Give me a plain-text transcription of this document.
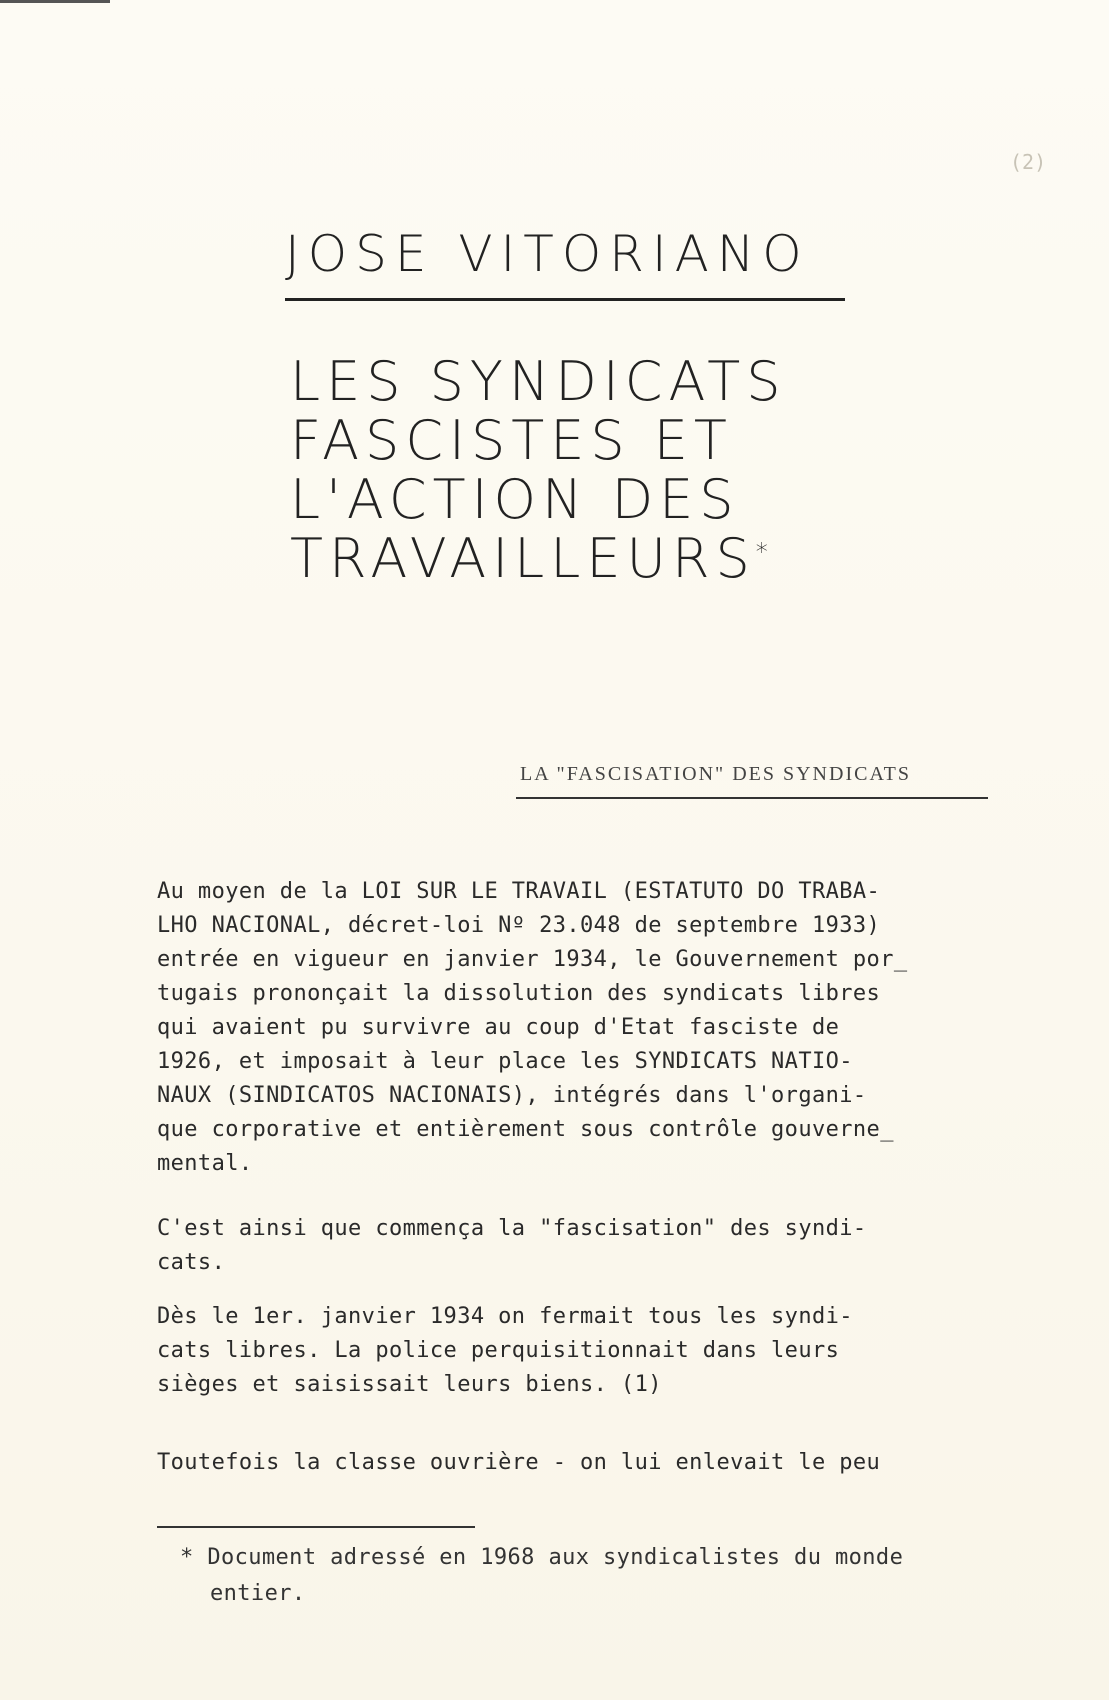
(2)
JOSE VITORIANO
LES SYNDICATS
FASCISTES ET
L'ACTION DES
TRAVAILLEURS*
LA "FASCISATION" DES SYNDICATS
Au moyen de la LOI SUR LE TRAVAIL (ESTATUTO DO TRABA-
LHO NACIONAL, décret-loi Nº 23.048 de septembre 1933)
entrée en vigueur en janvier 1934, le Gouvernement por_
tugais prononçait la dissolution des syndicats libres
qui avaient pu survivre au coup d'Etat fasciste de
1926, et imposait à leur place les SYNDICATS NATIO-
NAUX (SINDICATOS NACIONAIS), intégrés dans l'organi-
que corporative et entièrement sous contrôle gouverne_
mental.
C'est ainsi que commença la "fascisation" des syndi-
cats.
Dès le 1er. janvier 1934 on fermait tous les syndi-
cats libres. La police perquisitionnait dans leurs
sièges et saisissait leurs biens. (1)
Toutefois la classe ouvrière - on lui enlevait le peu
* Document adressé en 1968 aux syndicalistes du monde
entier.
